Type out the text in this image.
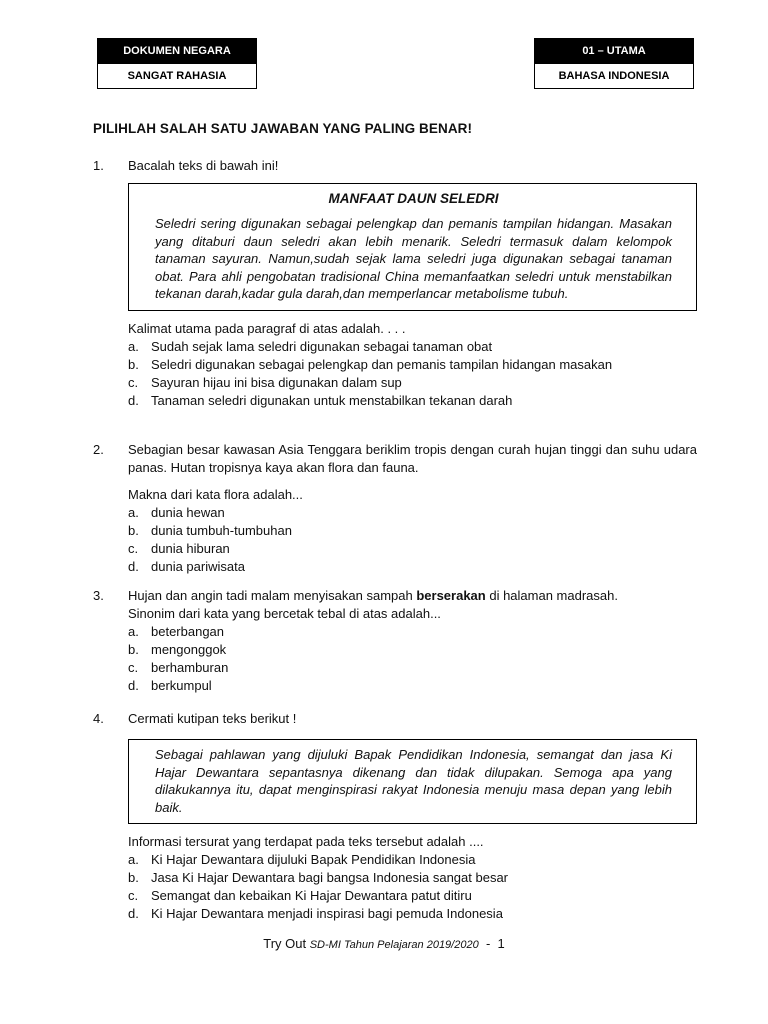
DOKUMEN NEGARA
SANGAT RAHASIA
01 – UTAMA
BAHASA INDONESIA
PILIHLAH SALAH SATU JAWABAN YANG PALING BENAR!
1.	Bacalah teks di bawah ini!

MANFAAT DAUN SELEDRI
Seledri sering digunakan sebagai pelengkap dan pemanis tampilan hidangan. Masakan yang ditaburi daun seledri akan lebih menarik. Seledri termasuk dalam kelompok tanaman sayuran. Namun,sudah sejak lama seledri juga digunakan sebagai tanaman obat. Para ahli pengobatan tradisional China memanfaatkan seledri untuk menstabilkan tekanan darah,kadar gula darah,dan memperlancar metabolisme tubuh.

Kalimat utama pada paragraf di atas adalah. . . .

a. Sudah sejak lama seledri digunakan sebagai tanaman obat
b. Seledri digunakan sebagai pelengkap dan pemanis tampilan hidangan masakan
c. Sayuran hijau ini bisa digunakan dalam sup
d. Tanaman seledri digunakan untuk menstabilkan tekanan darah
2.	Sebagian besar kawasan Asia Tenggara beriklim tropis dengan curah hujan tinggi dan suhu udara panas. Hutan tropisnya kaya akan flora dan fauna.

Makna dari kata flora adalah...

a. dunia hewan
b. dunia tumbuh-tumbuhan
c. dunia hiburan
d. dunia pariwisata
3.	Hujan dan angin tadi malam menyisakan sampah berserakan di halaman madrasah.

Sinonim dari kata yang bercetak tebal di atas adalah...

a. beterbangan
b. mengonggok
c. berhamburan
d. berkumpul
4.	Cermati kutipan teks berikut !

Sebagai pahlawan yang dijuluki Bapak Pendidikan Indonesia, semangat dan jasa Ki Hajar Dewantara sepantasnya dikenang dan tidak dilupakan. Semoga apa yang dilakukannya itu, dapat menginspirasi rakyat Indonesia menuju masa depan yang lebih baik.

Informasi tersurat yang terdapat pada teks tersebut adalah ....

a. Ki Hajar Dewantara dijuluki Bapak Pendidikan Indonesia
b. Jasa Ki Hajar Dewantara bagi bangsa Indonesia sangat besar
c. Semangat dan kebaikan Ki Hajar Dewantara patut ditiru
d. Ki Hajar Dewantara menjadi inspirasi bagi pemuda Indonesia
Try Out SD-MI Tahun Pelajaran 2019/2020  -  1
